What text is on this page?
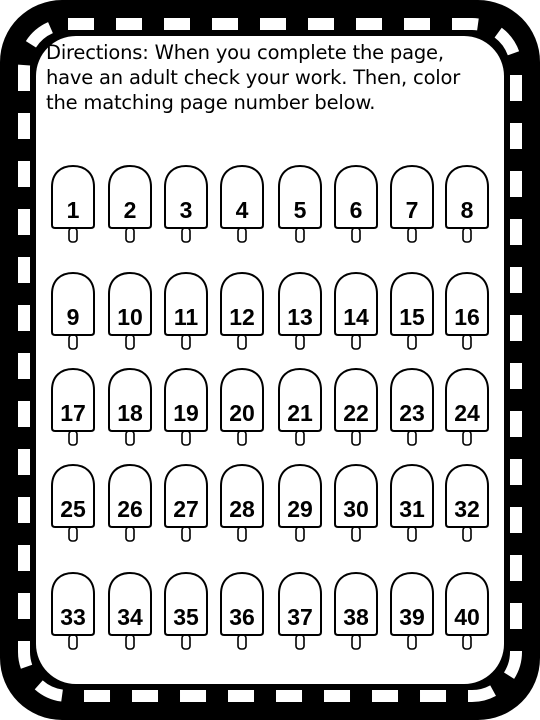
Directions: When you complete the page,
have an adult check your work. Then, color
the matching page number below.

1	2	3	4	5	6	7	8
9	10	11	12	13	14	15	16
17	18	19	20	21	22	23	24
25	26	27	28	29	30	31	32
33	34	35	36	37	38	39	40
